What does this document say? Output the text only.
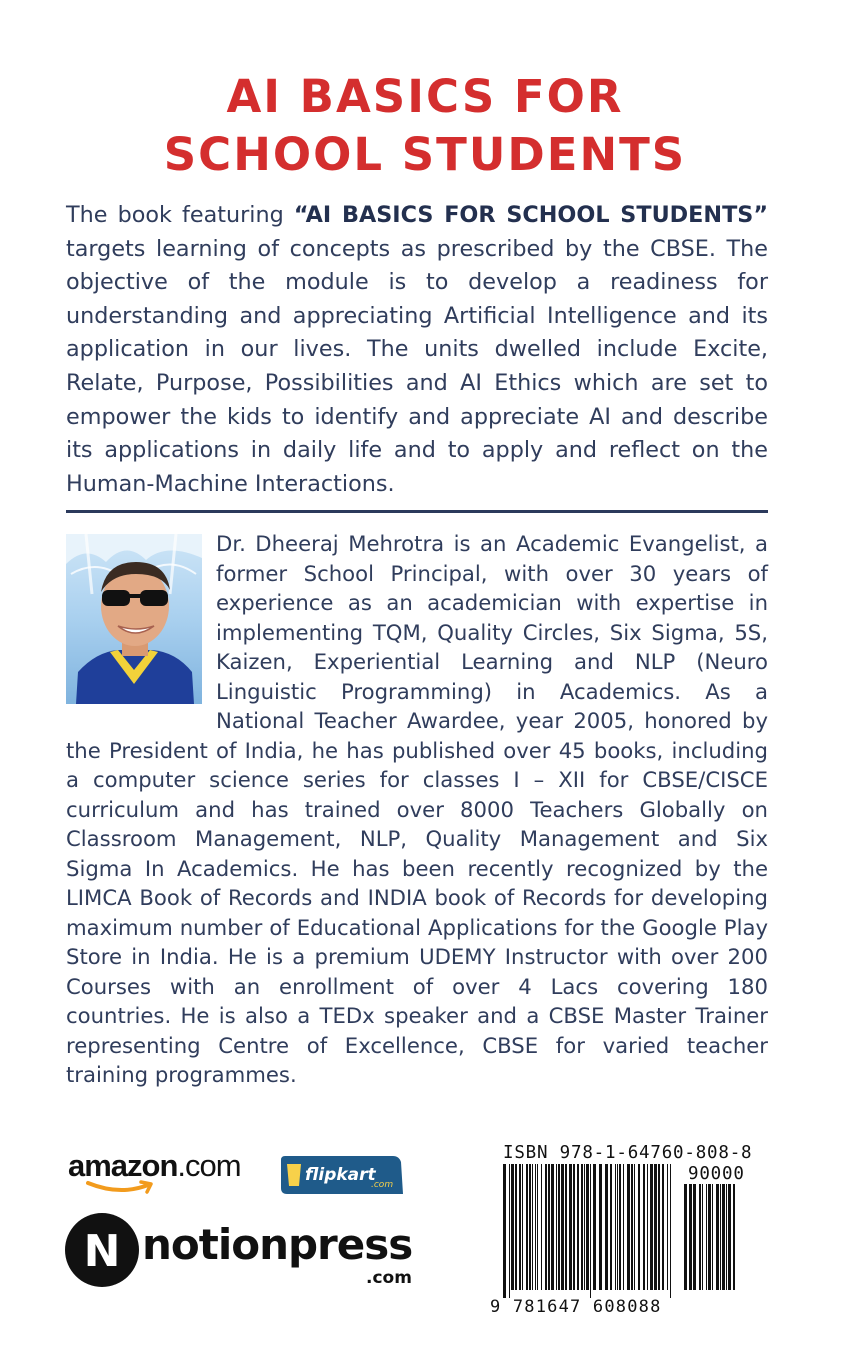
AI BASICS FOR
SCHOOL STUDENTS
The book featuring “AI BASICS FOR SCHOOL STUDENTS” targets learning of concepts as prescribed by the CBSE. The objective of the module is to develop a readiness for understanding and appreciating Artificial Intelligence and its application in our lives. The units dwelled include Excite, Relate, Purpose, Possibilities and AI Ethics which are set to empower the kids to identify and appreciate AI and describe its applications in daily life and to apply and reflect on the Human-Machine Interactions.
Dr. Dheeraj Mehrotra is an Academic Evangelist, a former School Principal, with over 30 years of experience as an academician with expertise in implementing TQM, Quality Circles, Six Sigma, 5S, Kaizen, Experiential Learning and NLP (Neuro Linguistic Programming) in Academics. As a National Teacher Awardee, year 2005, honored by the President of India, he has published over 45 books, including a computer science series for classes I – XII for CBSE/CISCE curriculum and has trained over 8000 Teachers Globally on Classroom Management, NLP, Quality Management and Six Sigma In Academics. He has been recently recognized by the LIMCA Book of Records and INDIA book of Records for developing maximum number of Educational Applications for the Google Play Store in India. He is a premium UDEMY Instructor with over 200 Courses with an enrollment of over 4 Lacs covering 180 countries. He is also a TEDx speaker and a CBSE Master Trainer representing Centre of Excellence, CBSE for varied teacher training programmes.
amazon.com	flipkart
.com
N notionpress
.com
ISBN 978-1-64760-808-8
90000
9 781647 608088
